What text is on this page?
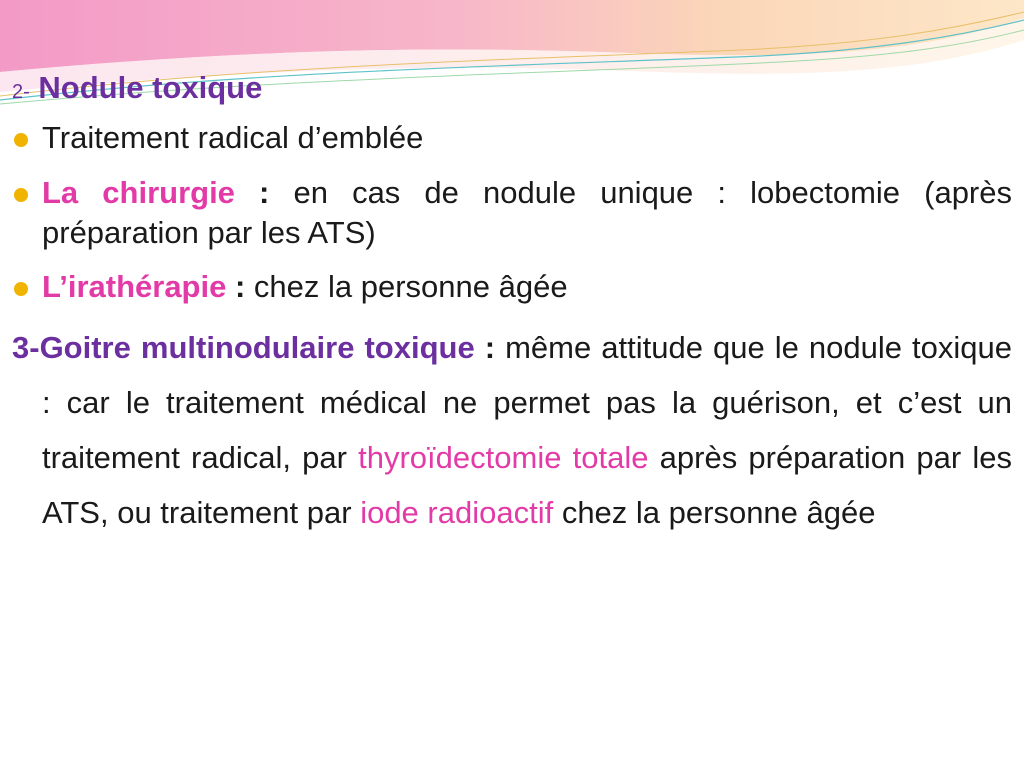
2- Nodule toxique
Traitement radical d’emblée
La chirurgie : en cas de nodule unique : lobectomie (après préparation par les ATS)
L’irathérapie : chez la personne âgée

3-Goitre multinodulaire toxique : même attitude que le nodule toxique : car le traitement médical ne permet pas la guérison, et c’est un traitement radical, par thyroïdectomie totale après préparation par les ATS, ou traitement par iode radioactif chez la personne âgée
